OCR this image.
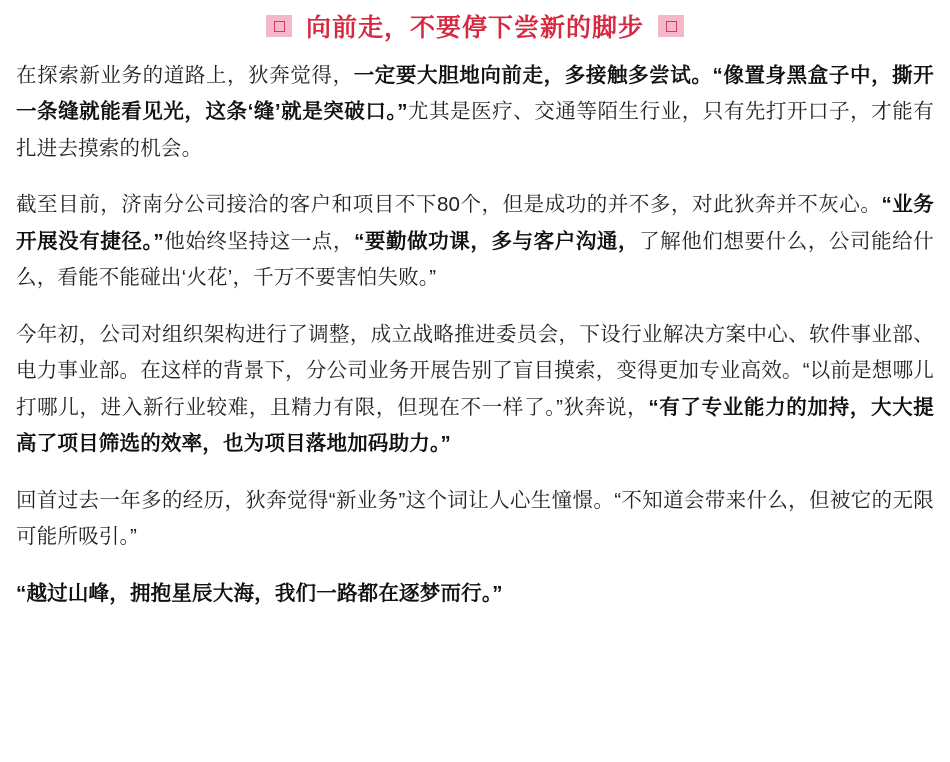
向前走，不要停下尝新的脚步

在探索新业务的道路上，狄奔觉得，一定要大胆地向前走，多接触多尝试。“像置身黑盒子中，撕开一条缝就能看见光，这条‘缝’就是突破口。”尤其是医疗、交通等陌生行业，只有先打开口子，才能有扎进去摸索的机会。

截至目前，济南分公司接洽的客户和项目不下80个，但是成功的并不多，对此狄奔并不灰心。“业务开展没有捷径。”他始终坚持这一点，“要勤做功课，多与客户沟通，了解他们想要什么，公司能给什么，看能不能碰出‘火花’，千万不要害怕失败。”

今年初，公司对组织架构进行了调整，成立战略推进委员会，下设行业解决方案中心、软件事业部、电力事业部。在这样的背景下，分公司业务开展告别了盲目摸索，变得更加专业高效。“以前是想哪儿打哪儿，进入新行业较难，且精力有限，但现在不一样了。”狄奔说，“有了专业能力的加持，大大提高了项目筛选的效率，也为项目落地加码助力。”

回首过去一年多的经历，狄奔觉得“新业务”这个词让人心生憧憬。“不知道会带来什么，但被它的无限可能所吸引。”

“越过山峰，拥抱星辰大海，我们一路都在逐梦而行。”
